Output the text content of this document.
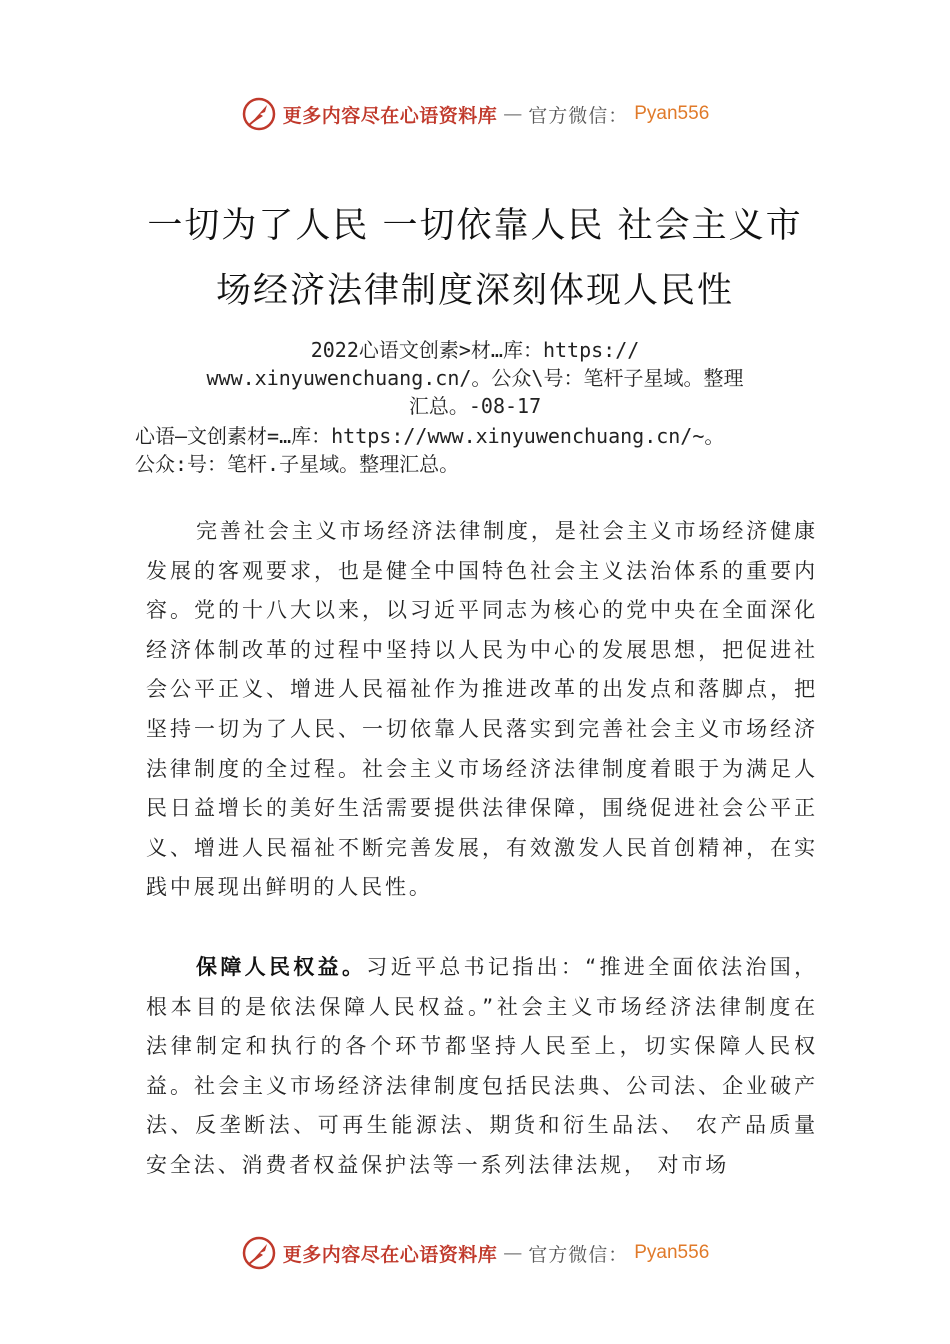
更多内容尽在心语资料库 — 官方微信： Pyan556
一切为了人民 一切依靠人民 社会主义市
场经济法律制度深刻体现人民性
2022心语文创素>材…库：https://
www.xinyuwenchuang.cn/。公众\号：笔杆子星域。整理
汇总。-08-17
心语—文创素材=…库：https://www.xinyuwenchuang.cn/~。
公众:号：笔杆.子星域。整理汇总。

完善社会主义市场经济法律制度，是社会主义市场经济健康发展的客观要求，也是健全中国特色社会主义法治体系的重要内容。党的十八大以来，以习近平同志为核心的党中央在全面深化经济体制改革的过程中坚持以人民为中心的发展思想，把促进社会公平正义、增进人民福祉作为推进改革的出发点和落脚点，把坚持一切为了人民、一切依靠人民落实到完善社会主义市场经济法律制度的全过程。社会主义市场经济法律制度着眼于为满足人民日益增长的美好生活需要提供法律保障，围绕促进社会公平正义、增进人民福祉不断完善发展，有效激发人民首创精神，在实践中展现出鲜明的人民性。

保障人民权益。习近平总书记指出：“推进全面依法治国，根本目的是依法保障人民权益。”社会主义市场经济法律制度在法律制定和执行的各个环节都坚持人民至上，切实保障人民权益。社会主义市场经济法律制度包括民法典、公司法、企业破产法、反垄断法、可再生能源法、期货和衍生品法、 农产品质量安全法、消费者权益保护法等一系列法律法规， 对市场

更多内容尽在心语资料库 — 官方微信： Pyan556
